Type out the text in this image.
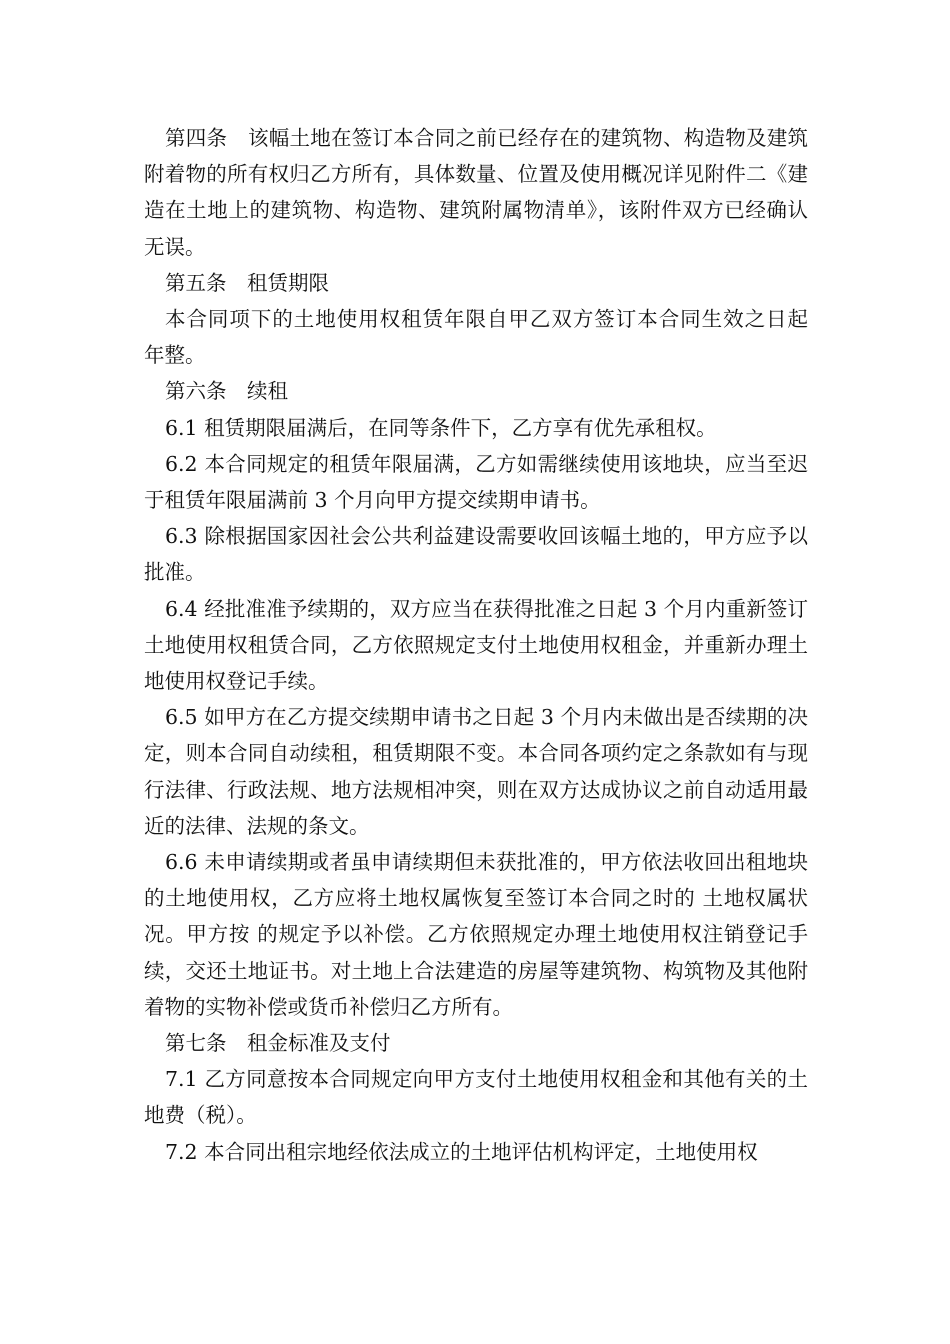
第四条　该幅土地在签订本合同之前已经存在的建筑物、构造物及建筑附着物的所有权归乙方所有，具体数量、位置及使用概况详见附件二《建造在土地上的建筑物、构造物、建筑附属物清单》，该附件双方已经确认无误。

第五条　租赁期限

本合同项下的土地使用权租赁年限自甲乙双方签订本合同生效之日起　年整。

第六条　续租

6.1 租赁期限届满后，在同等条件下，乙方享有优先承租权。

6.2 本合同规定的租赁年限届满，乙方如需继续使用该地块，应当至迟于租赁年限届满前 3 个月向甲方提交续期申请书。

6.3 除根据国家因社会公共利益建设需要收回该幅土地的，甲方应予以批准。

6.4 经批准准予续期的，双方应当在获得批准之日起 3 个月内重新签订土地使用权租赁合同，乙方依照规定支付土地使用权租金，并重新办理土地使用权登记手续。

6.5 如甲方在乙方提交续期申请书之日起 3 个月内未做出是否续期的决定，则本合同自动续租，租赁期限不变。本合同各项约定之条款如有与现行法律、行政法规、地方法规相冲突，则在双方达成协议之前自动适用最近的法律、法规的条文。

6.6 未申请续期或者虽申请续期但未获批准的，甲方依法收回出租地块的土地使用权，乙方应将土地权属恢复至签订本合同之时的 土地权属状况。甲方按 的规定予以补偿。乙方依照规定办理土地使用权注销登记手续，交还土地证书。对土地上合法建造的房屋等建筑物、构筑物及其他附着物的实物补偿或货币补偿归乙方所有。

第七条　租金标准及支付

7.1 乙方同意按本合同规定向甲方支付土地使用权租金和其他有关的土地费（税）。

7.2 本合同出租宗地经依法成立的土地评估机构评定，土地使用权
